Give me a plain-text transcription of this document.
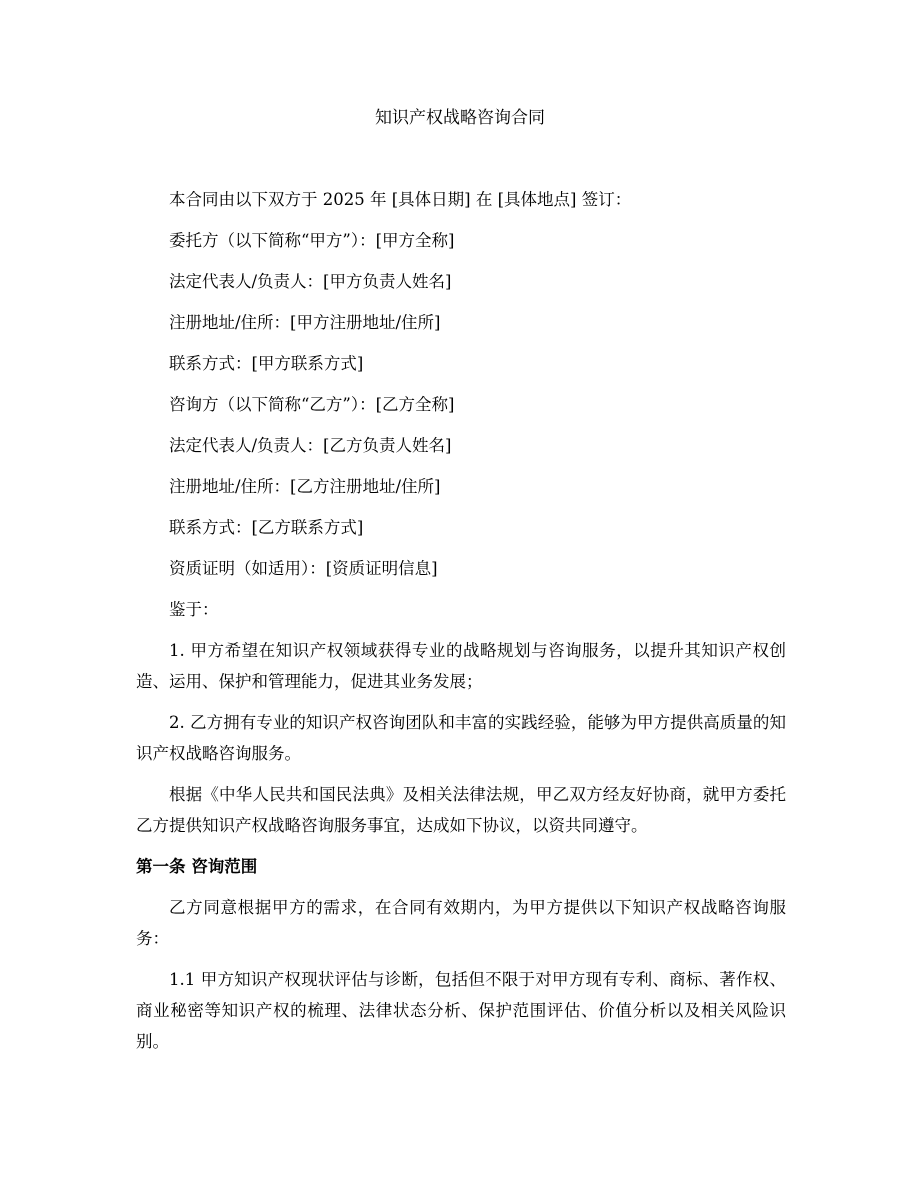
知识产权战略咨询合同

本合同由以下双方于 2025 年 [具体日期] 在 [具体地点] 签订：

委托方（以下简称“甲方”）：[甲方全称]

法定代表人/负责人：[甲方负责人姓名]

注册地址/住所：[甲方注册地址/住所]

联系方式：[甲方联系方式]

咨询方（以下简称“乙方”）：[乙方全称]

法定代表人/负责人：[乙方负责人姓名]

注册地址/住所：[乙方注册地址/住所]

联系方式：[乙方联系方式]

资质证明（如适用）：[资质证明信息]

鉴于：

1. 甲方希望在知识产权领域获得专业的战略规划与咨询服务，以提升其知识产权创造、运用、保护和管理能力，促进其业务发展；

2. 乙方拥有专业的知识产权咨询团队和丰富的实践经验，能够为甲方提供高质量的知识产权战略咨询服务。

根据《中华人民共和国民法典》及相关法律法规，甲乙双方经友好协商，就甲方委托乙方提供知识产权战略咨询服务事宜，达成如下协议，以资共同遵守。

第一条 咨询范围

乙方同意根据甲方的需求，在合同有效期内，为甲方提供以下知识产权战略咨询服务：

1.1 甲方知识产权现状评估与诊断，包括但不限于对甲方现有专利、商标、著作权、商业秘密等知识产权的梳理、法律状态分析、保护范围评估、价值分析以及相关风险识别。
